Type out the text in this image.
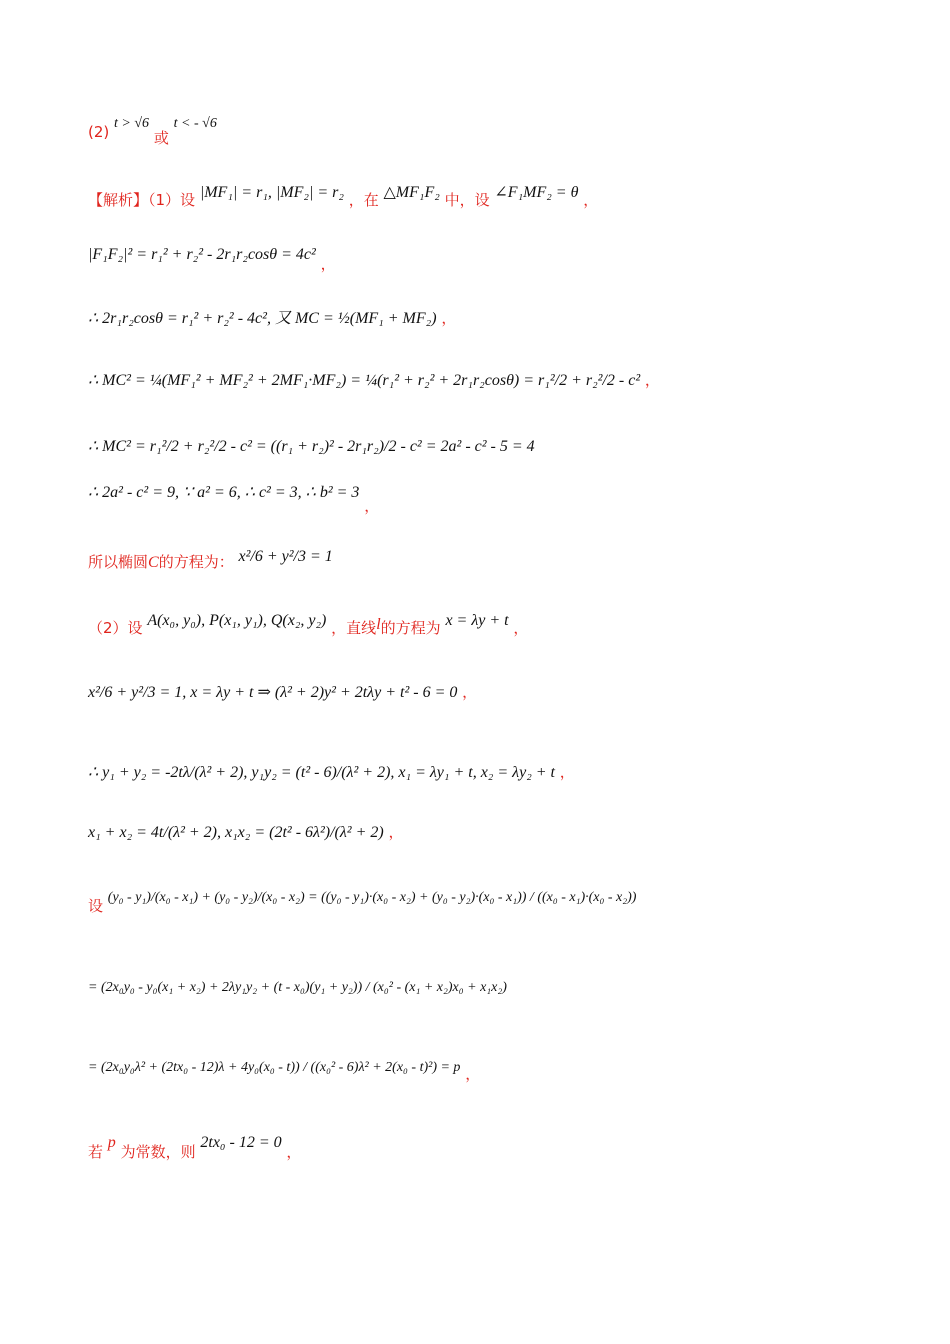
(2) t > √6 或 t < - √6
【解析】（1）设 |MF₁| = r₁, |MF₂| = r₂ ，在 △MF₁F₂ 中，设 ∠F₁MF₂ = θ ，
|F₁F₂|² = r₁² + r₂² - 2r₁r₂cosθ = 4c² ，
∴ 2r₁r₂cosθ = r₁² + r₂² - 4c², 又 MC = ½(MF₁ + MF₂) ，
∴ MC² = ¼(MF₁² + MF₂² + 2MF₁·MF₂) = ¼(r₁² + r₂² + 2r₁r₂cosθ) = r₁²/2 + r₂²/2 - c² ，
∴ MC² = r₁²/2 + r₂²/2 - c² = ((r₁ + r₂)² - 2r₁r₂)/2 - c² = 2a² - c² - 5 = 4
∴ 2a² - c² = 9, ∵ a² = 6, ∴ c² = 3, ∴ b² = 3 ，
所以椭圆C的方程为： x²/6 + y²/3 = 1
（2）设 A(x₀, y₀), P(x₁, y₁), Q(x₂, y₂) ，直线l的方程为 x = λy + t ，
x²/6 + y²/3 = 1, x = λy + t ⇒ (λ² + 2)y² + 2tλy + t² - 6 = 0 ，
∴ y₁ + y₂ = -2tλ/(λ² + 2), y₁y₂ = (t² - 6)/(λ² + 2), x₁ = λy₁ + t, x₂ = λy₂ + t ，
x₁ + x₂ = 4t/(λ² + 2), x₁x₂ = (2t² - 6λ²)/(λ² + 2) ，
设 (y₀ - y₁)/(x₀ - x₁) + (y₀ - y₂)/(x₀ - x₂) = ((y₀ - y₁)·(x₀ - x₂) + (y₀ - y₂)·(x₀ - x₁)) / ((x₀ - x₁)·(x₀ - x₂))
= (2x₀y₀ - y₀(x₁ + x₂) + 2λy₁y₂ + (t - x₀)(y₁ + y₂)) / (x₀² - (x₁ + x₂)x₀ + x₁x₂)
= (2x₀y₀λ² + (2tx₀ - 12)λ + 4y₀(x₀ - t)) / ((x₀² - 6)λ² + 2(x₀ - t)²) = p ，
若 p 为常数，则 2tx₀ - 12 = 0 ，
